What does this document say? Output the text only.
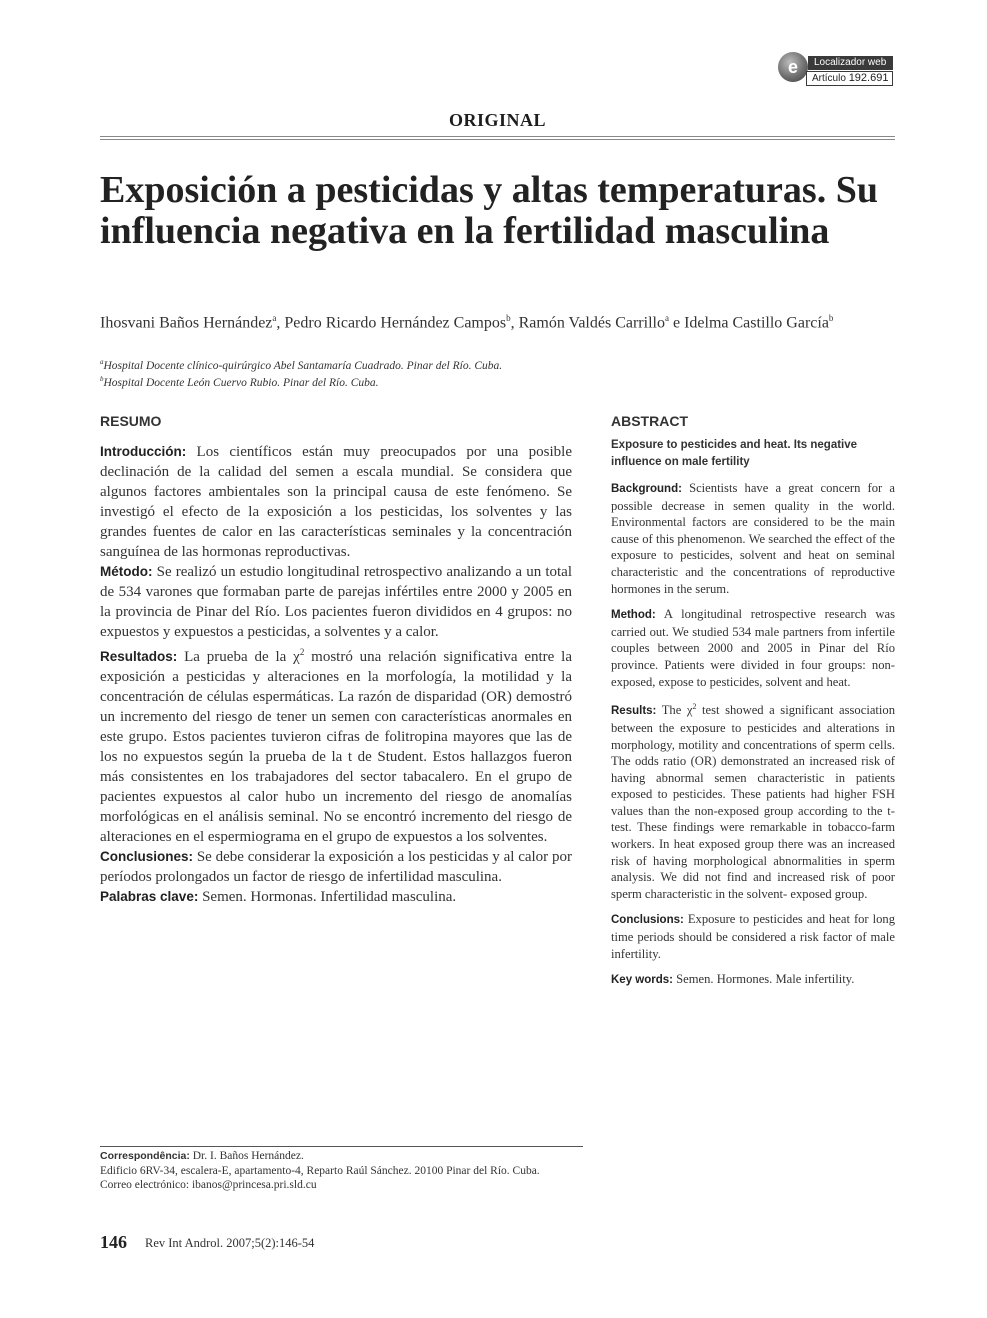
e	Localizador web
Artículo 192.691
ORIGINAL
Exposición a pesticidas y altas temperaturas. Su influencia negativa en la fertilidad masculina
Ihosvani Baños Hernández$^a$, Pedro Ricardo Hernández Campos$^b$, Ramón Valdés Carrillo$^a$ e Idelma Castillo García$^b$
$^a$Hospital Docente clínico-quirúrgico Abel Santamaría Cuadrado. Pinar del Río. Cuba.
$^b$Hospital Docente León Cuervo Rubio. Pinar del Río. Cuba.
RESUMO

Introducción: Los científicos están muy preocupados por una posible declinación de la calidad del semen a escala mundial. Se considera que algunos factores ambientales son la principal causa de este fenómeno. Se investigó el efecto de la exposición a los pesticidas, los solventes y las grandes fuentes de calor en las características seminales y la concentración sanguínea de las hormonas reproductivas.

Método: Se realizó un estudio longitudinal retrospectivo analizando a un total de 534 varones que formaban parte de parejas infértiles entre 2000 y 2005 en la provincia de Pinar del Río. Los pacientes fueron divididos en 4 grupos: no expuestos y expuestos a pesticidas, a solventes y a calor.

Resultados: La prueba de la $\chi^2$ mostró una relación significativa entre la exposición a pesticidas y alteraciones en la morfología, la motilidad y la concentración de células espermáticas. La razón de disparidad (OR) demostró un incremento del riesgo de tener un semen con características anormales en este grupo. Estos pacientes tuvieron cifras de folitropina mayores que las de los no expuestos según la prueba de la t de Student. Estos hallazgos fueron más consistentes en los trabajadores del sector tabacalero. En el grupo de pacientes expuestos al calor hubo un incremento del riesgo de anomalías morfológicas en el análisis seminal. No se encontró incremento del riesgo de alteraciones en el espermiograma en el grupo de expuestos a los solventes.

Conclusiones: Se debe considerar la exposición a los pesticidas y al calor por períodos prolongados un factor de riesgo de infertilidad masculina.

Palabras clave: Semen. Hormonas. Infertilidad masculina.

ABSTRACT

Exposure to pesticides and heat. Its negative influence on male fertility

Background: Scientists have a great concern for a possible decrease in semen quality in the world. Environmental factors are considered to be the main cause of this phenomenon. We searched the effect of the exposure to pesticides, solvent and heat on seminal characteristic and the concentrations of reproductive hormones in the serum.

Method: A longitudinal retrospective research was carried out. We studied 534 male partners from infertile couples between 2000 and 2005 in Pinar del Río province. Patients were divided in four groups: non-exposed, expose to pesticides, solvent and heat.

Results: The $\chi^2$ test showed a significant association between the exposure to pesticides and alterations in morphology, motility and concentrations of sperm cells. The odds ratio (OR) demonstrated an increased risk of having abnormal semen characteristic in patients exposed to pesticides. These patients had higher FSH values than the non-exposed group according to the t-test. These findings were remarkable in tobacco-farm workers. In heat exposed group there was an increased risk of having morphological abnormalities in sperm analysis. We did not find and increased risk of poor sperm characteristic in the solvent- exposed group.

Conclusions: Exposure to pesticides and heat for long time periods should be considered a risk factor of male infertility.

Key words: Semen. Hormones. Male infertility.

Correspondência: Dr. I. Baños Hernández.
Edificio 6RV-34, escalera-E, apartamento-4, Reparto Raúl Sánchez. 20100 Pinar del Río. Cuba.
Correo electrónico: ibanos@princesa.pri.sld.cu
146 Rev Int Androl. 2007;5(2):146-54
